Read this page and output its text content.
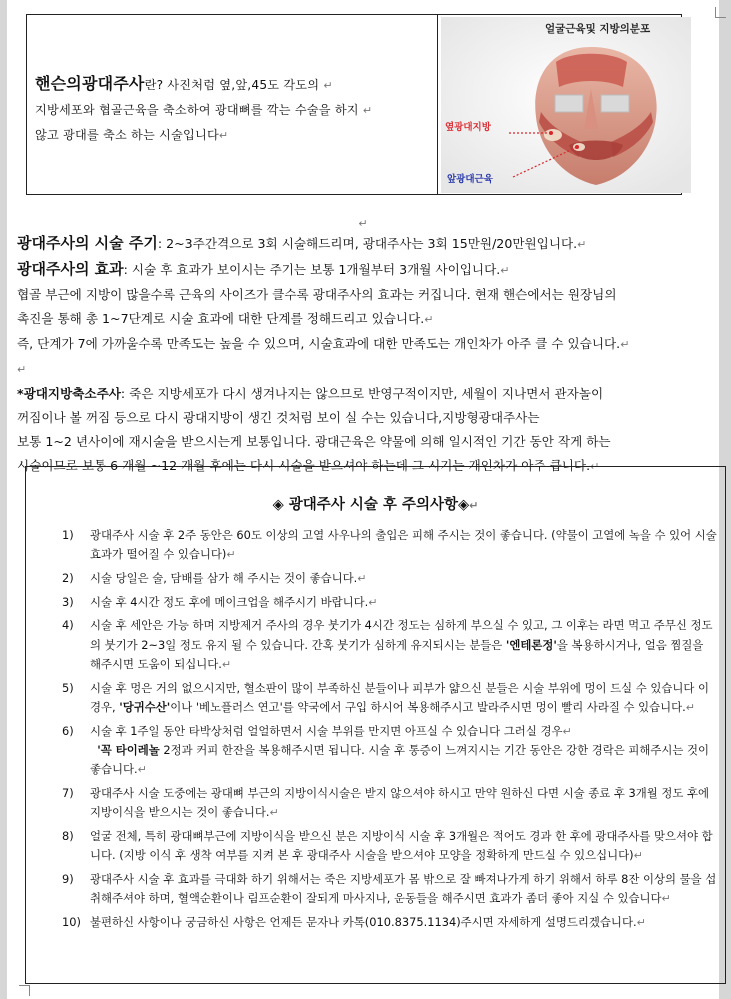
핸슨의광대주사란? 사진처럼 옆,앞,45도 각도의 ↵
지방세포와 협골근육을 축소하여 광대뼈를 깍는 수술을 하지 ↵
않고 광대를 축소 하는 시술입니다↵
얼굴근육및 지방의분포
옆광대지방
앞광대근육
↵

광대주사의 시술 주기: 2~3주간격으로 3회 시술해드리며, 광대주사는 3회 15만원/20만원입니다.↵

광대주사의 효과: 시술 후 효과가 보이시는 주기는 보통 1개월부터 3개월 사이입니다.↵

협골 부근에 지방이 많을수록 근육의 사이즈가 클수록 광대주사의 효과는 커집니다. 현재 핸슨에서는 원장님의

촉진을 통해 총 1~7단계로 시술 효과에 대한 단계를 정해드리고 있습니다.↵

즉, 단계가 7에 가까울수록 만족도는 높을 수 있으며, 시술효과에 대한 만족도는 개인차가 아주 클 수 있습니다.↵

↵

*광대지방축소주사: 죽은 지방세포가 다시 생겨나지는 않으므로 반영구적이지만, 세월이 지나면서 관자놀이

꺼짐이나 볼 꺼짐 등으로 다시 광대지방이 생긴 것처럼 보이 실 수는 있습니다,지방형광대주사는

보통 1~2 년사이에 재시술을 받으시는게 보통입니다. 광대근육은 약물에 의해 일시적인 기간 동안 작게 하는

시술이므로 보통 6 개월 ~12 개월 후에는 다시 시술을 받으셔야 하는데 그 시기는 개인차가 아주 큽니다.↵

◈ 광대주사 시술 후 주의사항◈↵
1) 광대주사 시술 후 2주 동안은 60도 이상의 고열 사우나의 출입은 피해 주시는 것이 좋습니다. (약물이 고열에 녹을 수 있어 시술 효과가 떨어질 수 있습니다)↵
2) 시술 당일은 술, 담배를 삼가 해 주시는 것이 좋습니다.↵
3) 시술 후 4시간 정도 후에 메이크업을 해주시기 바랍니다.↵
4) 시술 후 세안은 가능 하며 지방제거 주사의 경우 붓기가 4시간 정도는 심하게 부으실 수 있고, 그 이후는 라면 먹고 주무신 정도의 붓기가 2~3일 정도 유지 될 수 있습니다. 간혹 붓기가 심하게 유지되시는 분들은 '엔테론정'을 복용하시거나, 얼음 찜질을 해주시면 도움이 되십니다.↵
5) 시술 후 멍은 거의 없으시지만, 혈소판이 많이 부족하신 분들이나 피부가 얇으신 분들은 시술 부위에 멍이 드실 수 있습니다 이 경우, '당귀수산'이나 '베노플러스 연고'를 약국에서 구입 하시어 복용해주시고 발라주시면 멍이 빨리 사라질 수 있습니다.↵
6) 시술 후 1주일 동안 타박상처럼 얼얼하면서 시술 부위를 만지면 아프실 수 있습니다 그러실 경우↵
'꼭 타이레놀 2정과 커피 한잔을 복용해주시면 됩니다. 시술 후 통증이 느껴지시는 기간 동안은 강한 경락은 피해주시는 것이 좋습니다.↵
7) 광대주사 시술 도중에는 광대뼈 부근의 지방이식시술은 받지 않으셔야 하시고 만약 원하신 다면 시술 종료 후 3개월 정도 후에 지방이식을 받으시는 것이 좋습니다.↵
8) 얼굴 전체, 특히 광대뼈부근에 지방이식을 받으신 분은 지방이식 시술 후 3개월은 적어도 경과 한 후에 광대주사를 맞으셔야 합니다. (지방 이식 후 생착 여부를 지켜 본 후 광대주사 시술을 받으셔야 모양을 정확하게 만드실 수 있으십니다)↵
9) 광대주사 시술 후 효과를 극대화 하기 위해서는 죽은 지방세포가 몸 밖으로 잘 빠져나가게 하기 위해서 하루 8잔 이상의 물을 섭취해주셔야 하며, 혈액순환이나 림프순환이 잘되게 마사지나, 운동들을 해주시면 효과가 좀더 좋아 지실 수 있습니다↵
10) 불편하신 사항이나 궁금하신 사항은 언제든 문자나 카톡(010.8375.1134)주시면 자세하게 설명드리겠습니다.↵
